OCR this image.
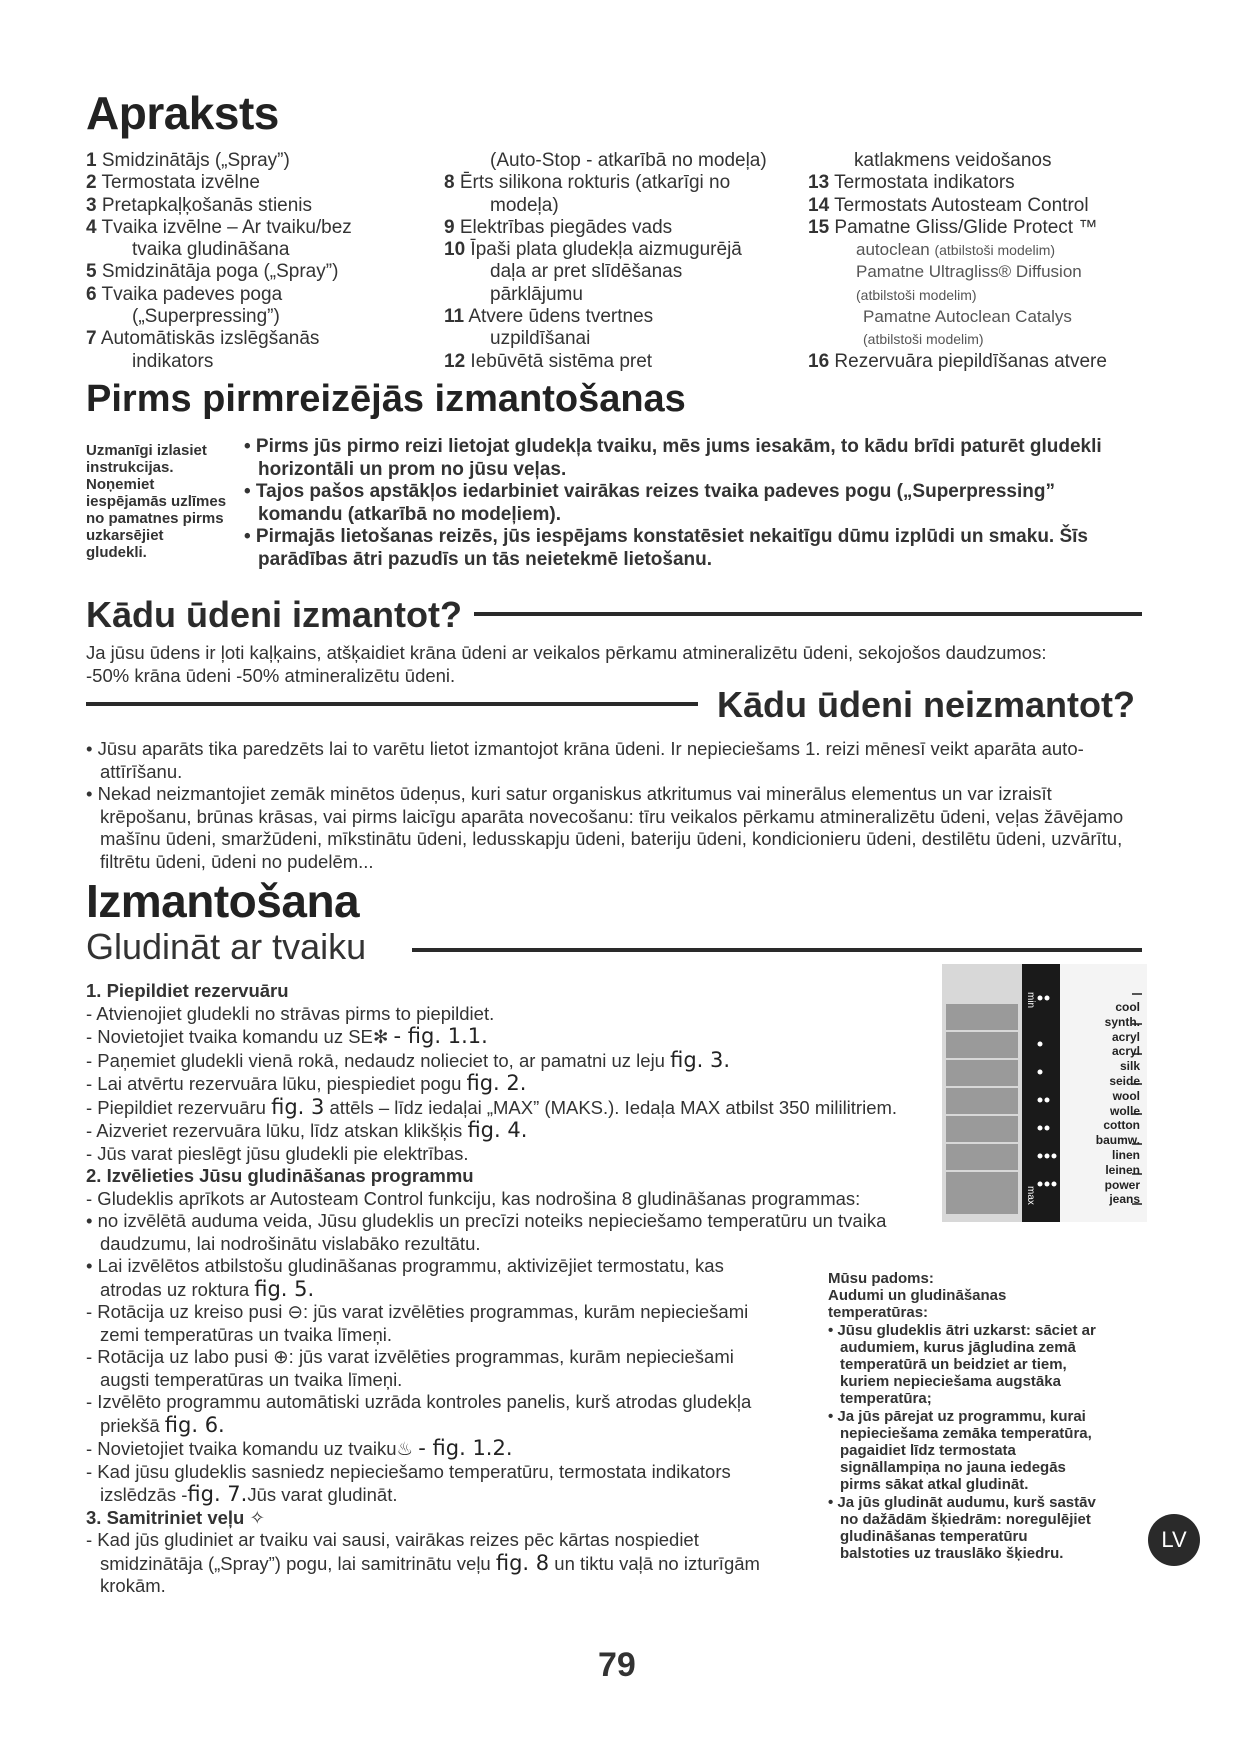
Apraksts
1 Smidzinātājs („Spray”)
2 Termostata izvēlne
3 Pretapkaļķošanās stienis
4 Tvaika izvēlne – Ar tvaiku/bez
tvaika gludināšana
5 Smidzinātāja poga („Spray”)
6 Tvaika padeves poga
(„Superpressing”)
7 Automātiskās izslēgšanās
indikators
(Auto-Stop - atkarībā no modeļa)
8 Ērts silikona rokturis (atkarīgi no
modeļa)
9 Elektrības piegādes vads
10 Īpaši plata gludekļa aizmugurējā
daļa ar pret slīdēšanas
pārklājumu
11 Atvere ūdens tvertnes
uzpildīšanai
12 Iebūvētā sistēma pret
katlakmens veidošanos
13 Termostata indikators
14 Termostats Autosteam Control
15 Pamatne Gliss/Glide Protect ™
autoclean (atbilstoši modelim)
Pamatne Ultragliss® Diffusion
(atbilstoši modelim)
Pamatne Autoclean Catalys
(atbilstoši modelim)
16 Rezervuāra piepildīšanas atvere
Pirms pirmreizējās izmantošanas
Uzmanīgi izlasiet
instrukcijas.
Noņemiet
iespējamās uzlīmes
no pamatnes pirms
uzkarsējiet
gludekli.
• Pirms jūs pirmo reizi lietojat gludekļa tvaiku, mēs jums iesakām, to kādu brīdi paturēt gludekli
horizontāli un prom no jūsu veļas.
• Tajos pašos apstākļos iedarbiniet vairākas reizes tvaika padeves pogu („Superpressing”
komandu (atkarībā no modeļiem).
• Pirmajās lietošanas reizēs, jūs iespējams konstatēsiet nekaitīgu dūmu izplūdi un smaku. Šīs
parādības ātri pazudīs un tās neietekmē lietošanu.
Kādu ūdeni izmantot?
Ja jūsu ūdens ir ļoti kaļķains, atšķaidiet krāna ūdeni ar veikalos pērkamu atmineralizētu ūdeni, sekojošos daudzumos:
-50% krāna ūdeni -50% atmineralizētu ūdeni.
Kādu ūdeni neizmantot?
• Jūsu aparāts tika paredzēts lai to varētu lietot izmantojot krāna ūdeni. Ir nepieciešams 1. reizi mēnesī veikt aparāta auto-
attīrīšanu.
• Nekad neizmantojiet zemāk minētos ūdeņus, kuri satur organiskus atkritumus vai minerālus elementus un var izraisīt
krēpošanu, brūnas krāsas, vai pirms laicīgu aparāta novecošanu: tīru veikalos pērkamu atmineralizētu ūdeni, veļas žāvējamo
mašīnu ūdeni, smaržūdeni, mīkstinātu ūdeni, ledusskapju ūdeni, bateriju ūdeni, kondicionieru ūdeni, destilētu ūdeni, uzvārītu,
filtrētu ūdeni, ūdeni no pudelēm...
Izmantošana
Gludināt ar tvaiku
1. Piepildiet rezervuāru
- Atvienojiet gludekli no strāvas pirms to piepildiet.
- Novietojiet tvaika komandu uz SE✻ - fig. 1.1.
- Paņemiet gludekli vienā rokā, nedaudz nolieciet to, ar pamatni uz leju fig. 3.
- Lai atvērtu rezervuāra lūku, piespiediet pogu fig. 2.
- Piepildiet rezervuāru fig. 3 attēls – līdz iedaļai „MAX” (MAKS.). Iedaļa MAX atbilst 350 mililitriem.
- Aizveriet rezervuāra lūku, līdz atskan klikšķis fig. 4.
- Jūs varat pieslēgt jūsu gludekli pie elektrības.
2. Izvēlieties Jūsu gludināšanas programmu
- Gludeklis aprīkots ar Autosteam Control funkciju, kas nodrošina 8 gludināšanas programmas:
• no izvēlētā auduma veida, Jūsu gludeklis un precīzi noteiks nepieciešamo temperatūru un tvaika
daudzumu, lai nodrošinātu vislabāko rezultātu.
• Lai izvēlētos atbilstošu gludināšanas programmu, aktivizējiet termostatu, kas
atrodas uz roktura fig. 5.
- Rotācija uz kreiso pusi ⊖: jūs varat izvēlēties programmas, kurām nepieciešami
zemi temperatūras un tvaika līmeņi.
- Rotācija uz labo pusi ⊕: jūs varat izvēlēties programmas, kurām nepieciešami
augsti temperatūras un tvaika līmeņi.
- Izvēlēto programmu automātiski uzrāda kontroles panelis, kurš atrodas gludekļa
priekšā fig. 6.
- Novietojiet tvaika komandu uz tvaiku♨ - fig. 1.2.
- Kad jūsu gludeklis sasniedz nepieciešamo temperatūru, termostata indikators
izslēdzās -fig. 7.Jūs varat gludināt.
3. Samitriniet veļu ✧
- Kad jūs gludiniet ar tvaiku vai sausi, vairākas reizes pēc kārtas nospiediet
smidzinātāja („Spray”) pogu, lai samitrinātu veļu fig. 8 un tiktu vaļā no izturīgām
krokām.
min
max
cool
synth.
acryl
acryl
silk
seide
wool
wolle
cotton
baumw.
linen
leinen
power
jeans
Mūsu padoms:
Audumi un gludināšanas
temperatūras:
• Jūsu gludeklis ātri uzkarst: sāciet ar
audumiem, kurus jāgludina zemā
temperatūrā un beidziet ar tiem,
kuriem nepieciešama augstāka
temperatūra;
• Ja jūs pārejat uz programmu, kurai
nepieciešama zemāka temperatūra,
pagaidiet līdz termostata
signāllampiņa no jauna iedegās
pirms sākat atkal gludināt.
• Ja jūs gludināt audumu, kurš sastāv
no dažādām šķiedrām: noregulējiet
gludināšanas temperatūru
balstoties uz trauslāko šķiedru.
79
LV
